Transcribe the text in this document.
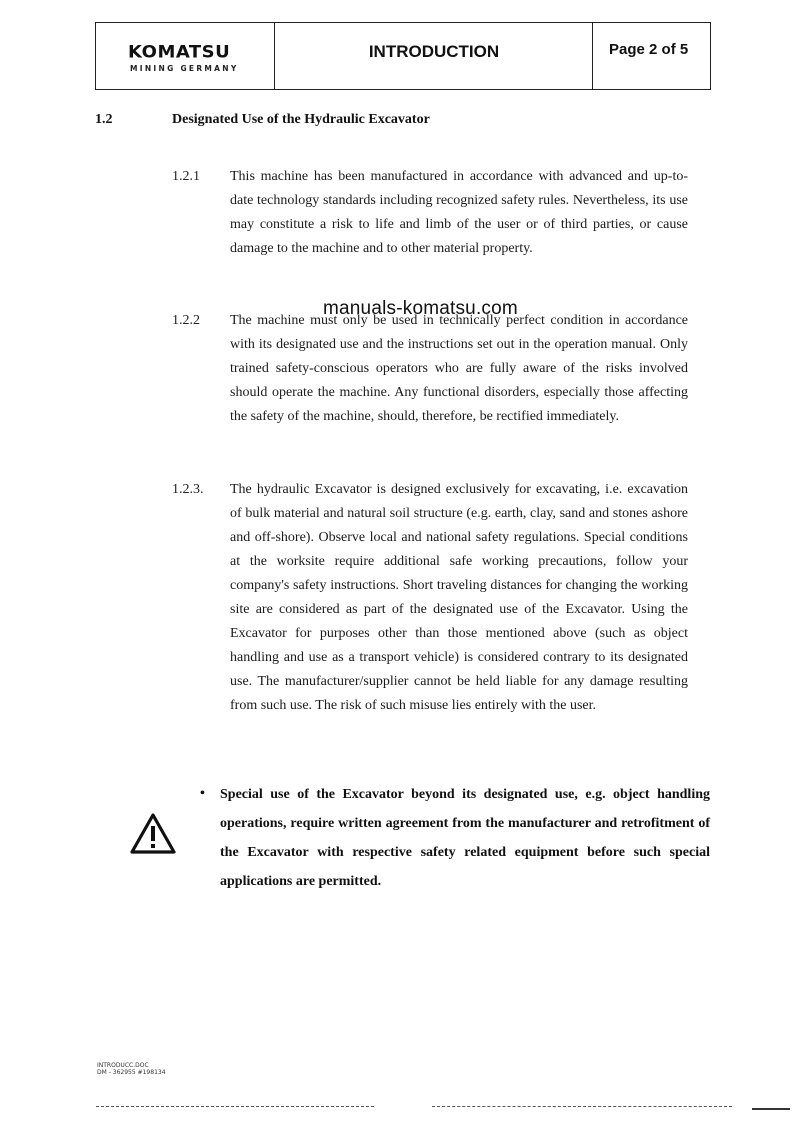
KOMATSU
MINING GERMANY
INTRODUCTION	Page 2 of 5
1.2	Designated Use of the Hydraulic Excavator
1.2.1 This machine has been manufactured in accordance with advanced and up-to-date technology standards including recognized safety rules. Nevertheless, its use may constitute a risk to life and limb of the user or of third parties, or cause damage to the machine and to other material property.
1.2.2 The machine must only be used in technically perfect condition in accordance with its designated use and the instructions set out in the operation manual. Only trained safety-conscious operators who are fully aware of the risks involved should operate the machine. Any functional disorders, especially those affecting the safety of the machine, should, therefore, be rectified immediately.
1.2.3. The hydraulic Excavator is designed exclusively for excavating, i.e. excavation of bulk material and natural soil structure (e.g. earth, clay, sand and stones ashore and off-shore). Observe local and national safety regulations. Special conditions at the worksite require additional safe working precautions, follow your company's safety instructions. Short traveling distances for changing the working site are considered as part of the designated use of the Excavator. Using the Excavator for purposes other than those mentioned above (such as object handling and use as a transport vehicle) is considered contrary to its designated use. The manufacturer/supplier cannot be held liable for any damage resulting from such use. The risk of such misuse lies entirely with the user.
manuals-komatsu.com
• Special use of the Excavator beyond its designated use, e.g. object handling operations, require written agreement from the manufacturer and retrofitment of the Excavator with respective safety related equipment before such special applications are permitted.
INTRODUCC.DOC
DM - 362955 #198134
